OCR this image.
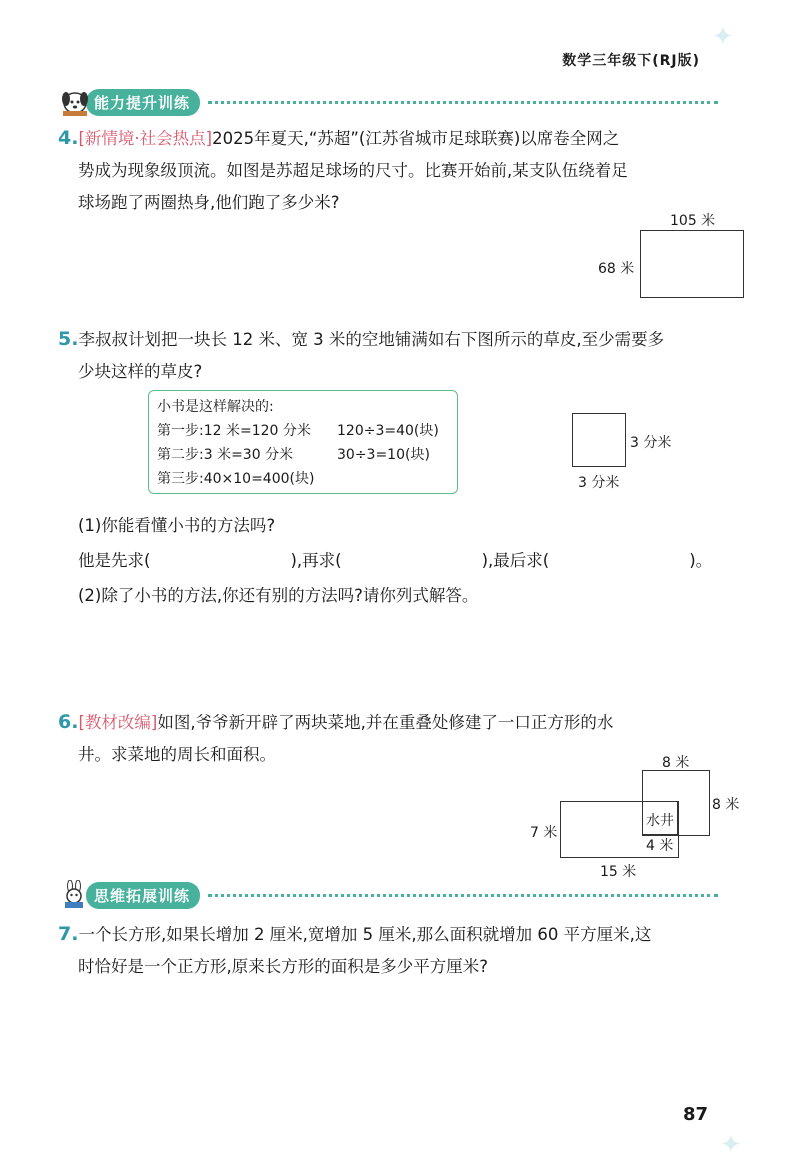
✦
数学三年级下(RJ版)
能力提升训练
4.[新情境·社会热点]2025年夏天,“苏超”(江苏省城市足球联赛)以席卷全网之
势成为现象级顶流。如图是苏超足球场的尺寸。比赛开始前,某支队伍绕着足
球场跑了两圈热身,他们跑了多少米?
105 米
68 米
5.李叔叔计划把一块长 12 米、宽 3 米的空地铺满如右下图所示的草皮,至少需要多
少块这样的草皮?
小书是这样解决的:
第一步:12 米=120 分米	120÷3=40(块)
第二步:3 米=30 分米	30÷3=10(块)
第三步:40×10=400(块)
3 分米
3 分米
(1)你能看懂小书的方法吗?
他是先求(	),再求(	),最后求(	)。
(2)除了小书的方法,你还有别的方法吗?请你列式解答。
6.[教材改编]如图,爷爷新开辟了两块菜地,并在重叠处修建了一口正方形的水
井。求菜地的周长和面积。	8 米
8 米
7 米
水井
4 米
15 米
思维拓展训练
7.一个长方形,如果长增加 2 厘米,宽增加 5 厘米,那么面积就增加 60 平方厘米,这
时恰好是一个正方形,原来长方形的面积是多少平方厘米?
87
✦
